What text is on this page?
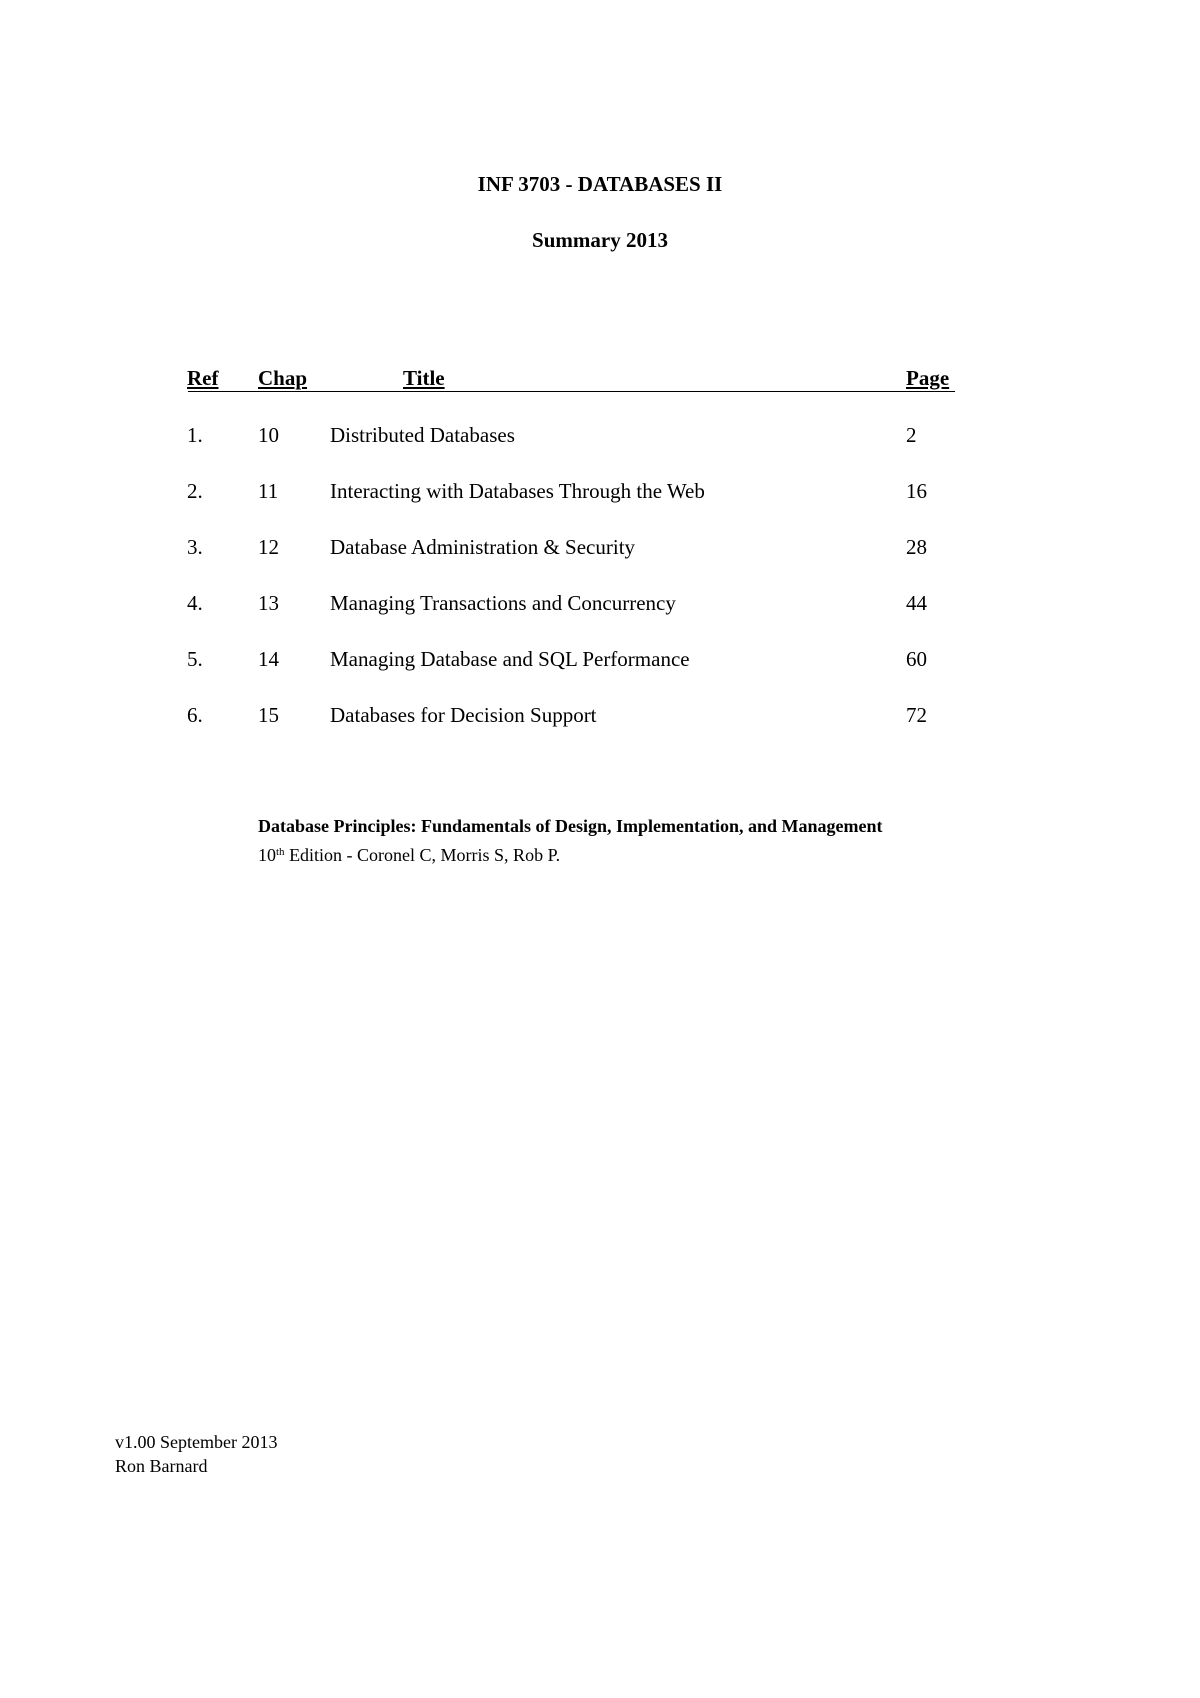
INF 3703 - DATABASES II
Summary 2013
Ref Chap	Title	Page
1.	10 Distributed Databases	2
2.	11 Interacting with Databases Through the Web	16
3.	12 Database Administration & Security	28
4.	13 Managing Transactions and Concurrency	44
5.	14 Managing Database and SQL Performance	60
6.	15 Databases for Decision Support	72
Database Principles: Fundamentals of Design, Implementation, and Management
10th Edition - Coronel C, Morris S, Rob P.
v1.00 September 2013
Ron Barnard
